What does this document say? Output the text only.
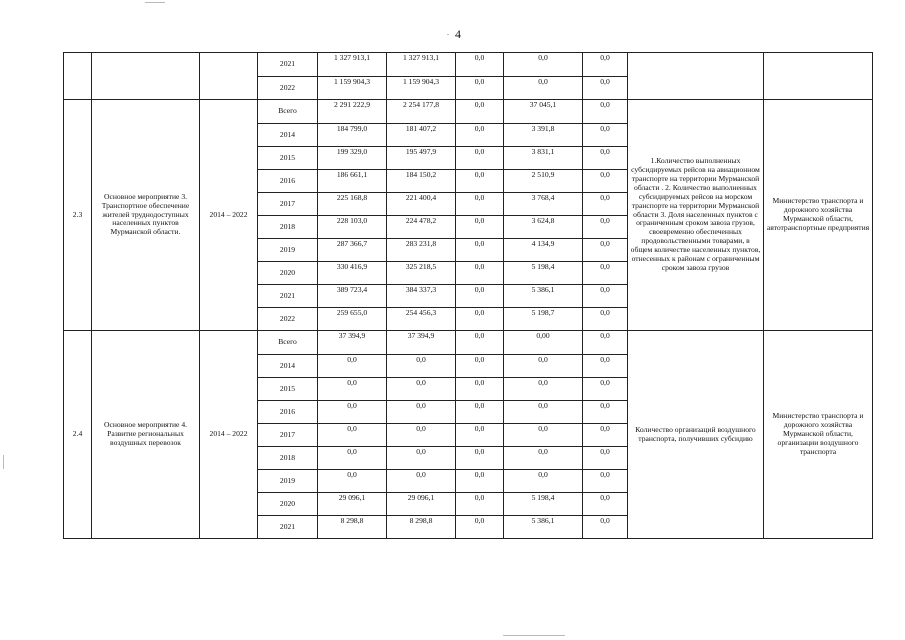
4
			2021	1 327 913,1	1 327 913,1	0,0	0,0	0,0		
			2022	1 159 904,3	1 159 904,3	0,0	0,0	0,0		
2.3	Основное мероприятие 3. Транспортное обеспечение жителей труднодоступных населенных пунктов Мурманской области.	2014 – 2022	Всего	2 291 222,9	2 254 177,8	0,0	37 045,1	0,0	1.Количество выполненных субсидируемых рейсов на авиационном транспорте на территории Мурманской области . 2. Количество выполненных субсидируемых рейсов на морском транспорте на территории Мурманской области 3. Доля населенных пунктов с ограниченным сроком завоза грузов, своевременно обеспеченных продовольственными товарами, в общем количестве населенных пунктов, отнесенных к районам с ограниченным сроком завоза грузов	Министерство транспорта и дорожного хозяйства Мурманской области, автотранспортные предприятия
			2014	184 799,0	181 407,2	0,0	3 391,8	0,0		
			2015	199 329,0	195 497,9	0,0	3 831,1	0,0		
			2016	186 661,1	184 150,2	0,0	2 510,9	0,0		
			2017	225 168,8	221 400,4	0,0	3 768,4	0,0		
			2018	228 103,0	224 478,2	0,0	3 624,8	0,0		
			2019	287 366,7	283 231,8	0,0	4 134,9	0,0		
			2020	330 416,9	325 218,5	0,0	5 198,4	0,0		
			2021	389 723,4	384 337,3	0,0	5 386,1	0,0		
			2022	259 655,0	254 456,3	0,0	5 198,7	0,0		
2.4	Основное мероприятие 4. Развитие региональных воздушных перевозок	2014 – 2022	Всего	37 394,9	37 394,9	0,0	0,00	0,0	Количество организаций воздушного транспорта, получивших субсидию	Министерство транспорта и дорожного хозяйства Мурманской области, организации воздушного транспорта
			2014	0,0	0,0	0,0	0,0	0,0		
			2015	0,0	0,0	0,0	0,0	0,0		
			2016	0,0	0,0	0,0	0,0	0,0		
			2017	0,0	0,0	0,0	0,0	0,0		
			2018	0,0	0,0	0,0	0,0	0,0		
			2019	0,0	0,0	0,0	0,0	0,0		
			2020	29 096,1	29 096,1	0,0	5 198,4	0,0		
			2021	8 298,8	8 298,8	0,0	5 386,1	0,0		
